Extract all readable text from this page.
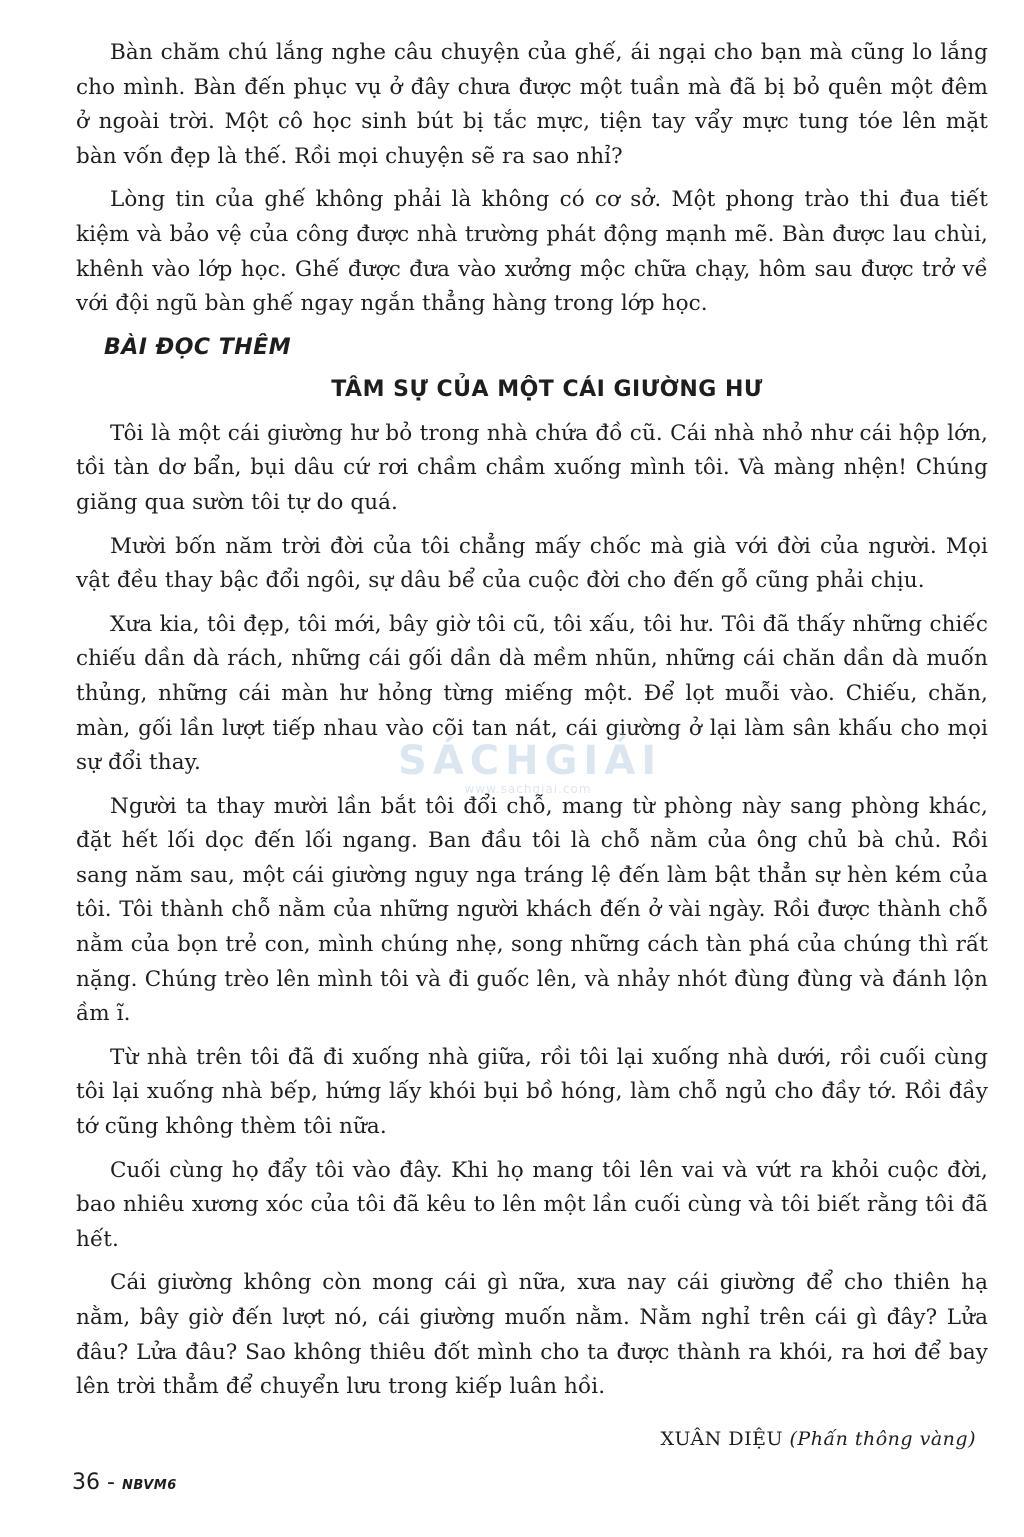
Bàn chăm chú lắng nghe câu chuyện của ghế, ái ngại cho bạn mà cũng lo lắng cho mình. Bàn đến phục vụ ở đây chưa được một tuần mà đã bị bỏ quên một đêm ở ngoài trời. Một cô học sinh bút bị tắc mực, tiện tay vẩy mực tung tóe lên mặt bàn vốn đẹp là thế. Rồi mọi chuyện sẽ ra sao nhỉ?

Lòng tin của ghế không phải là không có cơ sở. Một phong trào thi đua tiết kiệm và bảo vệ của công được nhà trường phát động mạnh mẽ. Bàn được lau chùi, khênh vào lớp học. Ghế được đưa vào xưởng mộc chữa chạy, hôm sau được trở về với đội ngũ bàn ghế ngay ngắn thẳng hàng trong lớp học.

BÀI ĐỌC THÊM
TÂM SỰ CỦA MỘT CÁI GIƯỜNG HƯ

Tôi là một cái giường hư bỏ trong nhà chứa đồ cũ. Cái nhà nhỏ như cái hộp lớn, tồi tàn dơ bẩn, bụi dâu cứ rơi chầm chầm xuống mình tôi. Và màng nhện! Chúng giăng qua sườn tôi tự do quá.

Mười bốn năm trời đời của tôi chẳng mấy chốc mà già với đời của người. Mọi vật đều thay bậc đổi ngôi, sự dâu bể của cuộc đời cho đến gỗ cũng phải chịu.

Xưa kia, tôi đẹp, tôi mới, bây giờ tôi cũ, tôi xấu, tôi hư. Tôi đã thấy những chiếc chiếu dần dà rách, những cái gối dần dà mềm nhũn, những cái chăn dần dà muốn thủng, những cái màn hư hỏng từng miếng một. Để lọt muỗi vào. Chiếu, chăn, màn, gối lần lượt tiếp nhau vào cõi tan nát, cái giường ở lại làm sân khấu cho mọi sự đổi thay.

Người ta thay mười lần bắt tôi đổi chỗ, mang từ phòng này sang phòng khác, đặt hết lối dọc đến lối ngang. Ban đầu tôi là chỗ nằm của ông chủ bà chủ. Rồi sang năm sau, một cái giường nguy nga tráng lệ đến làm bật thẳn sự hèn kém của tôi. Tôi thành chỗ nằm của những người khách đến ở vài ngày. Rồi được thành chỗ nằm của bọn trẻ con, mình chúng nhẹ, song những cách tàn phá của chúng thì rất nặng. Chúng trèo lên mình tôi và đi guốc lên, và nhảy nhót đùng đùng và đánh lộn ầm ĩ.

Từ nhà trên tôi đã đi xuống nhà giữa, rồi tôi lại xuống nhà dưới, rồi cuối cùng tôi lại xuống nhà bếp, hứng lấy khói bụi bồ hóng, làm chỗ ngủ cho đầy tớ. Rồi đầy tớ cũng không thèm tôi nữa.

Cuối cùng họ đẩy tôi vào đây. Khi họ mang tôi lên vai và vứt ra khỏi cuộc đời, bao nhiêu xương xóc của tôi đã kêu to lên một lần cuối cùng và tôi biết rằng tôi đã hết.

Cái giường không còn mong cái gì nữa, xưa nay cái giường để cho thiên hạ nằm, bây giờ đến lượt nó, cái giường muốn nằm. Nằm nghỉ trên cái gì đây? Lửa đâu? Lửa đâu? Sao không thiêu đốt mình cho ta được thành ra khói, ra hơi để bay lên trời thẳm để chuyển lưu trong kiếp luân hồi.

XUÂN DIỆU (Phấn thông vàng)
SÁCHGIẢI
www.sachgiai.com
36 - NBVM6
